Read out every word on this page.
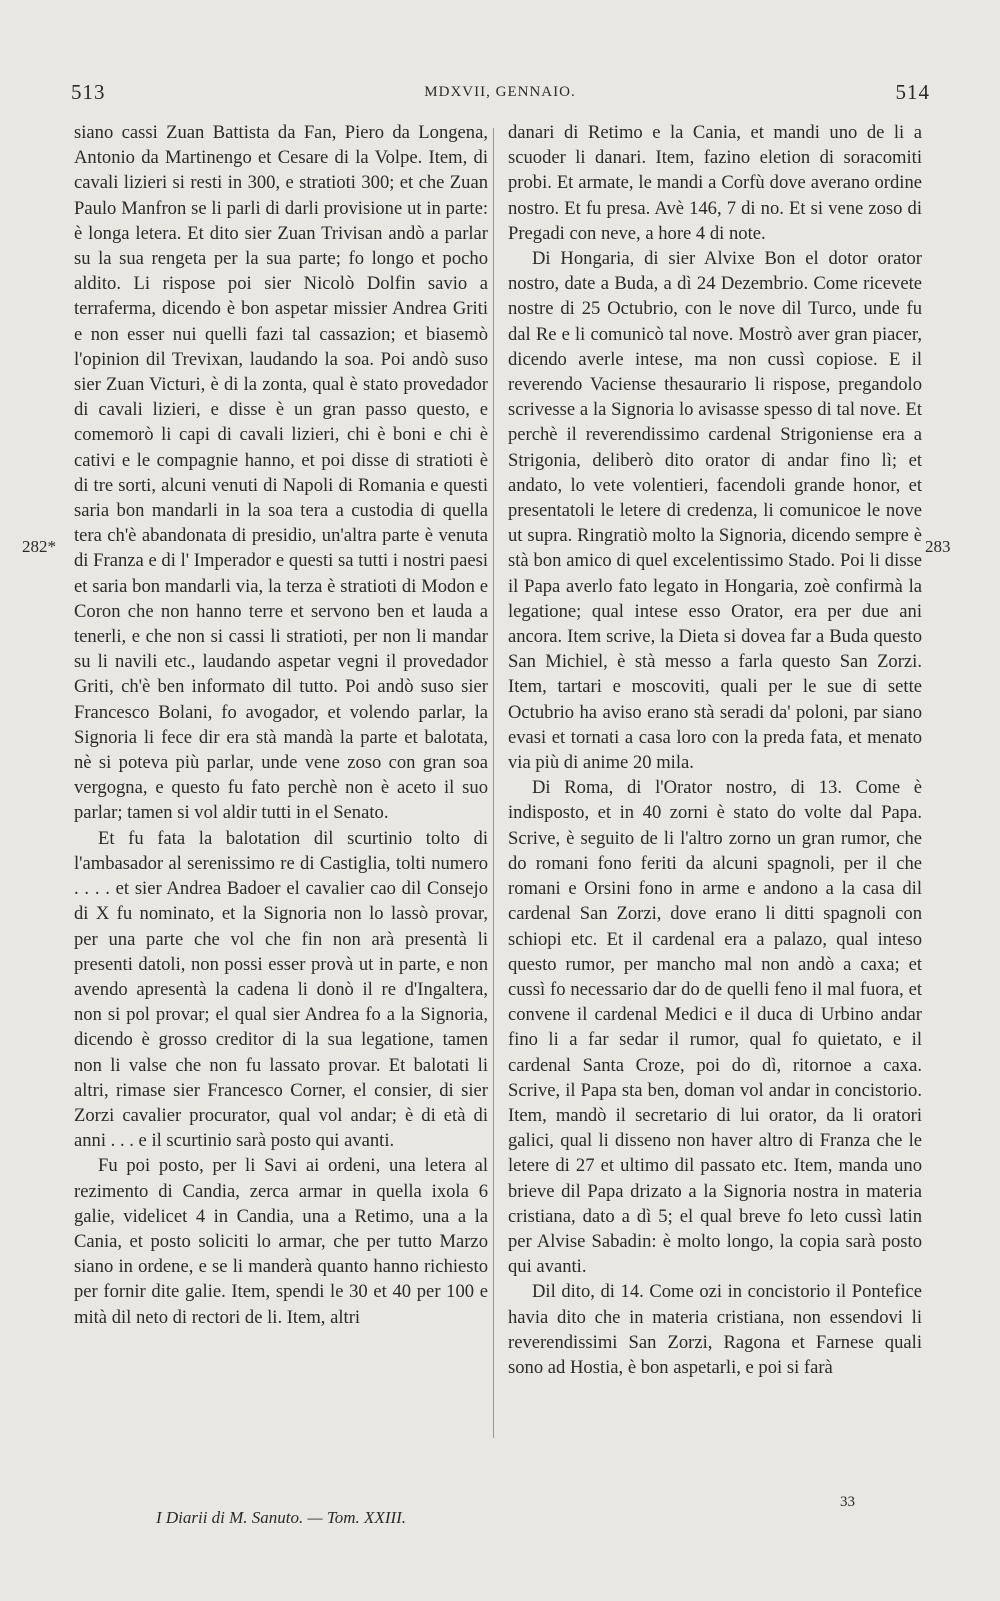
513	MDXVII, GENNAIO.	514

siano cassi Zuan Battista da Fan, Piero da Longena, Antonio da Martinengo et Cesare di la Volpe. Item, di cavali lizieri si resti in 300, e stratioti 300; et che Zuan Paulo Manfron se li parli di darli provisione ut in parte: è longa letera. Et dito sier Zuan Trivisan andò a parlar su la sua rengeta per la sua parte; fo longo et pocho aldito. Li rispose poi sier Nicolò Dolfin savio a terraferma, dicendo è bon aspetar missier Andrea Griti e non esser nui quelli fazi tal cassazion; et biasemò l'opinion dil Trevixan, laudando la soa. Poi andò suso sier Zuan Victuri, è di la zonta, qual è stato provedador di cavali lizieri, e disse è un gran passo questo, e comemorò li capi di cavali lizieri, chi è boni e chi è cativi e le compagnie hanno, et poi disse di stratioti è di tre sorti, alcuni venuti di Napoli di Romania e questi saria bon mandarli in la soa tera a custodia di quella tera ch'è abandonata di presidio, un'altra parte è venuta di Franza e di l' Imperador e questi sa tutti i nostri paesi et saria bon mandarli via, la terza è stratioti di Modon e Coron che non hanno terre et servono ben et lauda a tenerli, e che non si cassi li stratioti, per non li mandar su li navili etc., laudando aspetar vegni il provedador Griti, ch'è ben informato dil tutto. Poi andò suso sier Francesco Bolani, fo avogador, et volendo parlar, la Signoria li fece dir era stà mandà la parte et balotata, nè si poteva più parlar, unde vene zoso con gran soa vergogna, e questo fu fato perchè non è aceto il suo parlar; tamen si vol aldir tutti in el Senato.

Et fu fata la balotation dil scurtinio tolto di l'ambasador al serenissimo re di Castiglia, tolti numero . . . . et sier Andrea Badoer el cavalier cao dil Consejo di X fu nominato, et la Signoria non lo lassò provar, per una parte che vol che fin non arà presentà li presenti datoli, non possi esser provà ut in parte, e non avendo apresentà la cadena li donò il re d'Ingaltera, non si pol provar; el qual sier Andrea fo a la Signoria, dicendo è grosso creditor di la sua legatione, tamen non li valse che non fu lassato provar. Et balotati li altri, rimase sier Francesco Corner, el consier, di sier Zorzi cavalier procurator, qual vol andar; è di età di anni . . . e il scurtinio sarà posto qui avanti.

Fu poi posto, per li Savi ai ordeni, una letera al rezimento di Candia, zerca armar in quella ixola 6 galie, videlicet 4 in Candia, una a Retimo, una a la Cania, et posto soliciti lo armar, che per tutto Marzo siano in ordene, e se li manderà quanto hanno richiesto per fornir dite galie. Item, spendi le 30 et 40 per 100 e mità dil neto di rectori de li. Item, altri

danari di Retimo e la Cania, et mandi uno de li a scuoder li danari. Item, fazino eletion di soracomiti probi. Et armate, le mandi a Corfù dove averano ordine nostro. Et fu presa. Avè 146, 7 di no. Et si vene zoso di Pregadi con neve, a hore 4 di note.

Di Hongaria, di sier Alvixe Bon el dotor orator nostro, date a Buda, a dì 24 Dezembrio. Come ricevete nostre di 25 Octubrio, con le nove dil Turco, unde fu dal Re e li comunicò tal nove. Mostrò aver gran piacer, dicendo averle intese, ma non cussì copiose. E il reverendo Vaciense thesaurario li rispose, pregandolo scrivesse a la Signoria lo avisasse spesso di tal nove. Et perchè il reverendissimo cardenal Strigoniense era a Strigonia, deliberò dito orator di andar fino lì; et andato, lo vete volentieri, facendoli grande honor, et presentatoli le letere di credenza, li comunicoe le nove ut supra. Ringratiò molto la Signoria, dicendo sempre è stà bon amico di quel excelentissimo Stado. Poi li disse il Papa averlo fato legato in Hongaria, zoè confirmà la legatione; qual intese esso Orator, era per due ani ancora. Item scrive, la Dieta si dovea far a Buda questo San Michiel, è stà messo a farla questo San Zorzi. Item, tartari e moscoviti, quali per le sue di sette Octubrio ha aviso erano stà seradi da' poloni, par siano evasi et tornati a casa loro con la preda fata, et menato via più di anime 20 mila.

Di Roma, di l'Orator nostro, di 13. Come è indisposto, et in 40 zorni è stato do volte dal Papa. Scrive, è seguito de li l'altro zorno un gran rumor, che do romani fono feriti da alcuni spagnoli, per il che romani e Orsini fono in arme e andono a la casa dil cardenal San Zorzi, dove erano li ditti spagnoli con schiopi etc. Et il cardenal era a palazo, qual inteso questo rumor, per mancho mal non andò a caxa; et cussì fo necessario dar do de quelli feno il mal fuora, et convene il cardenal Medici e il duca di Urbino andar fino li a far sedar il rumor, qual fo quietato, e il cardenal Santa Croze, poi do dì, ritornoe a caxa. Scrive, il Papa sta ben, doman vol andar in concistorio. Item, mandò il secretario di lui orator, da li oratori galici, qual li disseno non haver altro di Franza che le letere di 27 et ultimo dil passato etc. Item, manda uno brieve dil Papa drizato a la Signoria nostra in materia cristiana, dato a dì 5; el qual breve fo leto cussì latin per Alvise Sabadin: è molto longo, la copia sarà posto qui avanti.

Dil dito, di 14. Come ozi in concistorio il Pontefice havia dito che in materia cristiana, non essendovi li reverendissimi San Zorzi, Ragona et Farnese quali sono ad Hostia, è bon aspetarli, e poi si farà

282*	283
I Diarii di M. Sanuto. — Tom. XXIII.
33
